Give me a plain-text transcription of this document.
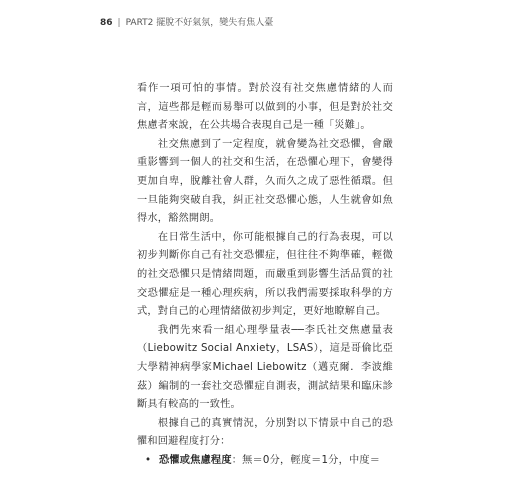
86 | PART2 擺脫不好氣氛，變失有焦人臺

看作一項可怕的事情。對於沒有社交焦慮情緒的人而言，這些都是輕而易舉可以做到的小事，但是對於社交焦慮者來說，在公共場合表現自己是一種「災難」。

社交焦慮到了一定程度，就會變為社交恐懼，會嚴重影響到一個人的社交和生活，在恐懼心理下，會變得更加自卑，脫離社會人群，久而久之成了惡性循環。但一旦能夠突破自我，糾正社交恐懼心態，人生就會如魚得水，豁然開朗。

在日常生活中，你可能根據自己的行為表現，可以初步判斷你自己有社交恐懼症，但往往不夠準確，輕微的社交恐懼只是情緒問題，而嚴重到影響生活品質的社交恐懼症是一種心理疾病，所以我們需要採取科學的方式，對自己的心理情緒做初步判定，更好地瞭解自己。

我們先來看一組心理學量表──李氏社交焦慮量表（Liebowitz Social Anxiety，LSAS），這是哥倫比亞大學精神病學家Michael Liebowitz（邁克爾．李波維茲）編制的一套社交恐懼症自測表，測試結果和臨床診斷具有較高的一致性。

根據自己的真實情況，分別對以下情景中自己的恐懼和回避程度打分：

• 恐懼或焦慮程度：無＝0分，輕度＝1分，中度＝
